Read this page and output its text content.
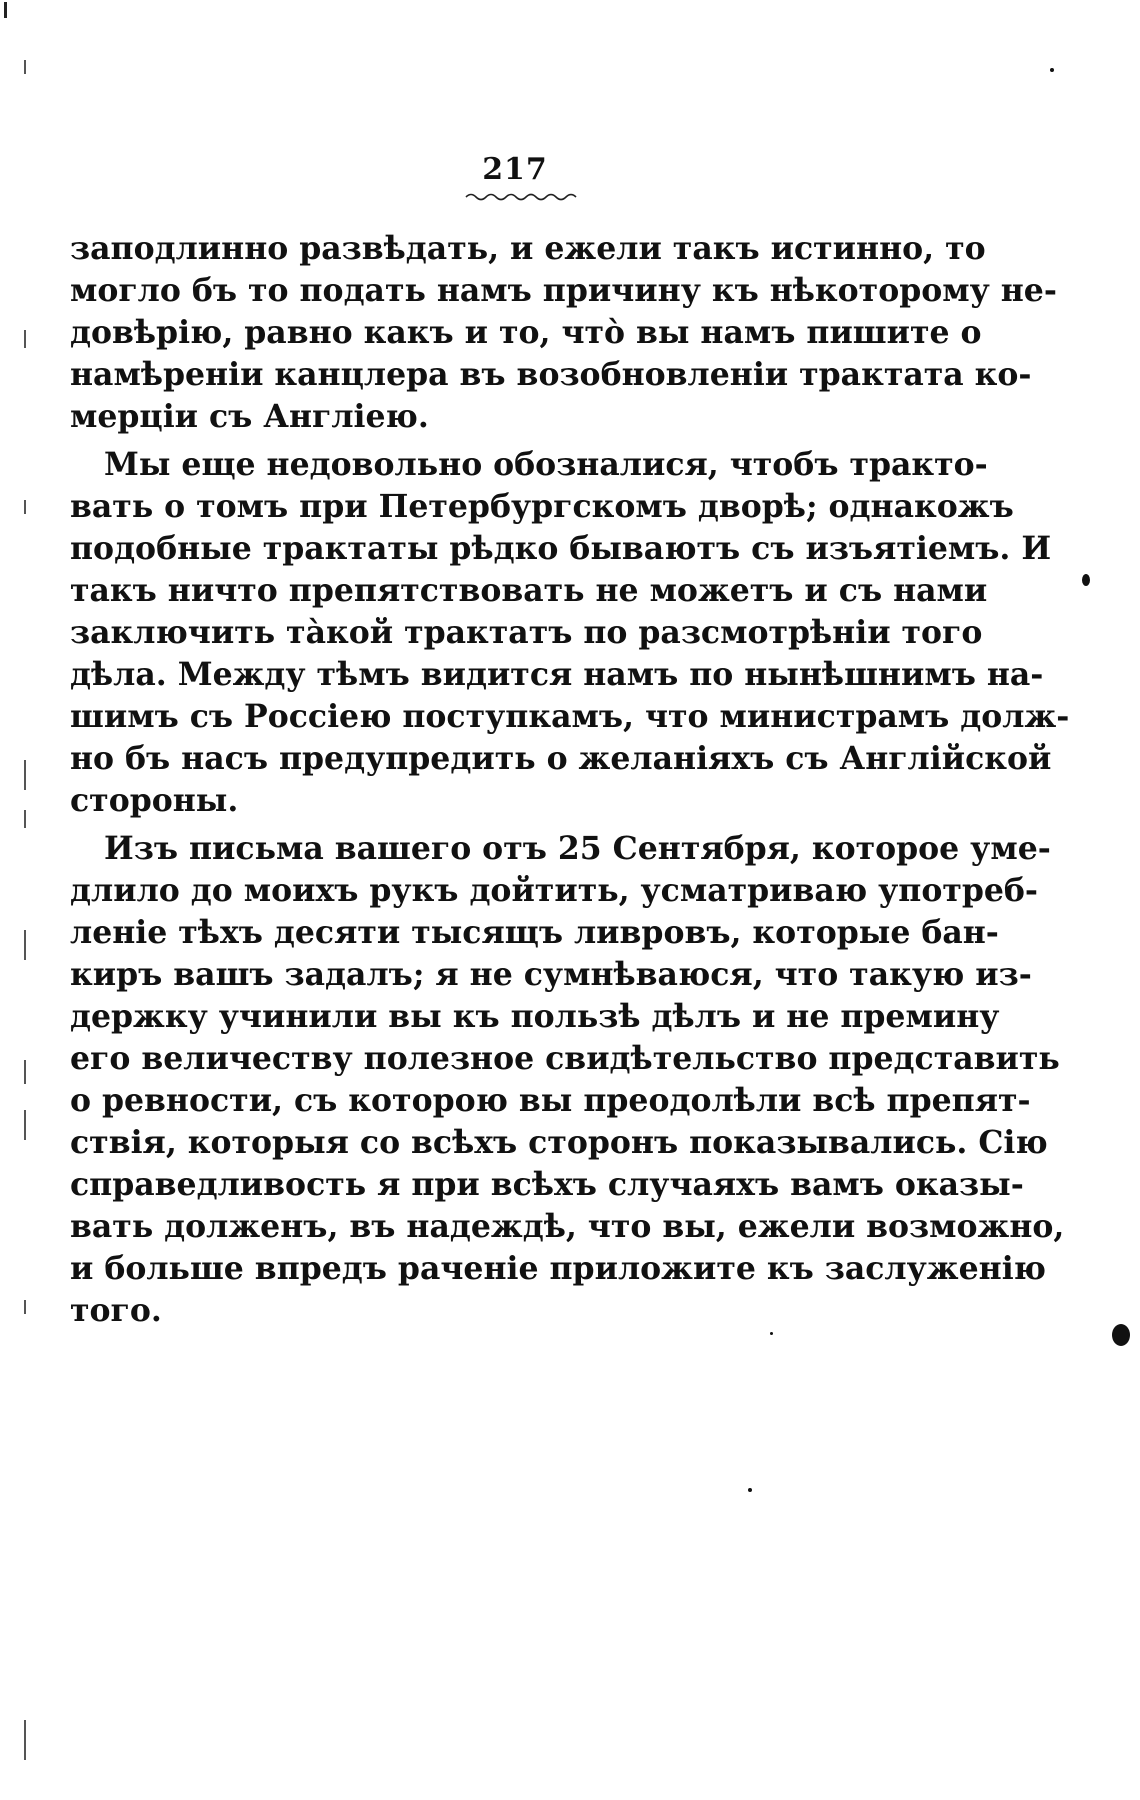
217
заподлинно развѣдать, и ежели такъ истинно, то
могло бъ то подать намъ причину къ нѣкоторому не-
довѣрію, равно какъ и то, что̀ вы намъ пишите о
намѣреніи канцлера въ возобновленіи трактата ко-
мерціи съ Англіею.
Мы еще недовольно обозналися, чтобъ тракто-
вать о томъ при Петербургскомъ дворѣ; однакожъ
подобные трактаты рѣдко бываютъ съ изъятіемъ. И
такъ ничто препятствовать не можетъ и съ нами
заключить та̀кой трактатъ по разсмотрѣніи того
дѣла. Между тѣмъ видится намъ по нынѣшнимъ на-
шимъ съ Россіею поступкамъ, что министрамъ долж-
но бъ насъ предупредить о желаніяхъ съ Англійской
стороны.
Изъ письма вашего отъ 25 Сентября, которое уме-
длило до моихъ рукъ дойтить, усматриваю употреб-
леніе тѣхъ десяти тысящъ ливровъ, которые бан-
киръ вашъ задалъ; я не сумнѣваюся, что такую из-
держку учинили вы къ пользѣ дѣлъ и не премину
его величеству полезное свидѣтельство представить
о ревности, съ которою вы преодолѣли всѣ препят-
ствія, которыя со всѣхъ сторонъ показывались. Сію
справедливость я при всѣхъ случаяхъ вамъ оказы-
вать долженъ, въ надеждѣ, что вы, ежели возможно,
и больше впредъ раченіе приложите къ заслуженію
того.
